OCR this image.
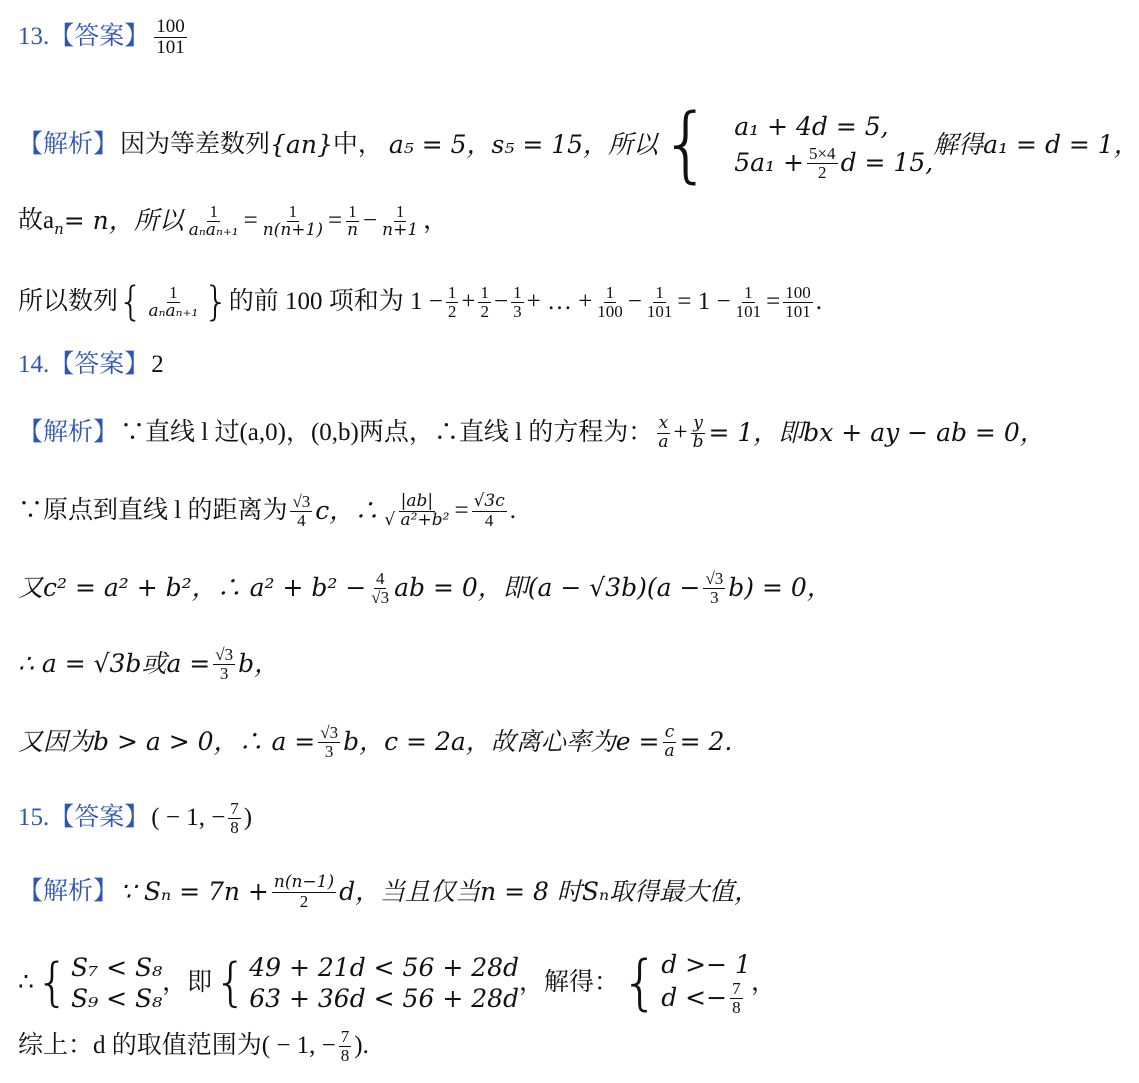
13. 【答案】 $\frac{100}{101}$
【解析】 因为等差数列 {an} 中， a₅ = 5，s₅ = 15，所以 { a₁ + 4d = 5,
$5a_1 + \frac{5\times 4}{2}$ d = 15,
解得a₁ = d = 1，
故$a_n = n$，所以 $\frac{1}{\text{aₙaₙ₊₁}} = \frac{1}{n(n+1)} = \frac{1}{n} - \frac{1}{n+1}$ ，
所以数列 { $\frac{1}{\text{aₙaₙ₊₁}}$ } 的前 100 项和为 $1 - \frac{1}{2} + \frac{1}{2} - \frac{1}{3}$ + … + $\frac{1}{100} - \frac{1}{101} = 1 - \frac{1}{101} = \frac{100}{101}$ .
14. 【答案】 2
【解析】 ∵直线 l 过(a,0)，(0,b)两点，∴直线 l 的方程为： $\frac{x}{a} + \frac{y}{b} = 1$，即bx + ay − ab = 0，
∵原点到直线 l 的距离为 $\frac{√3}{4}$ c，∴ $\frac{|ab|}{\text{√ a²+b²}} = \frac{√3c}{4}$ .
又c² = a² + b²，∴ $a^2 + b^2 - \frac{4}{√3}$ ab = 0，即$(a - √3b)(a - \frac{√3}{3} b) = 0$，
∴ a = √3b或$a = \frac{√3}{3}$ b，
又因为b > a > 0，∴ $a = \frac{√3}{3}$ b，c = 2a，故离心率为$e = \frac{c}{a} = 2$.
15. 【答案】 ( − 1, − $\frac{7}{8}$ )
【解析】 ∵ $S_n = 7n + \frac{n(n-1)}{2}$ d，当且仅当n = 8 时Sₙ取得最大值，
∴ { S₇ < S₈
S₉ < S₈
，即 { 49 + 21d < 56 + 28d
63 + 36d < 56 + 28d
，解得： { d >− 1
$d <- \frac{7}{8}$ ，
综上：d 的取值范围为( − 1, − $\frac{7}{8}$ ).
